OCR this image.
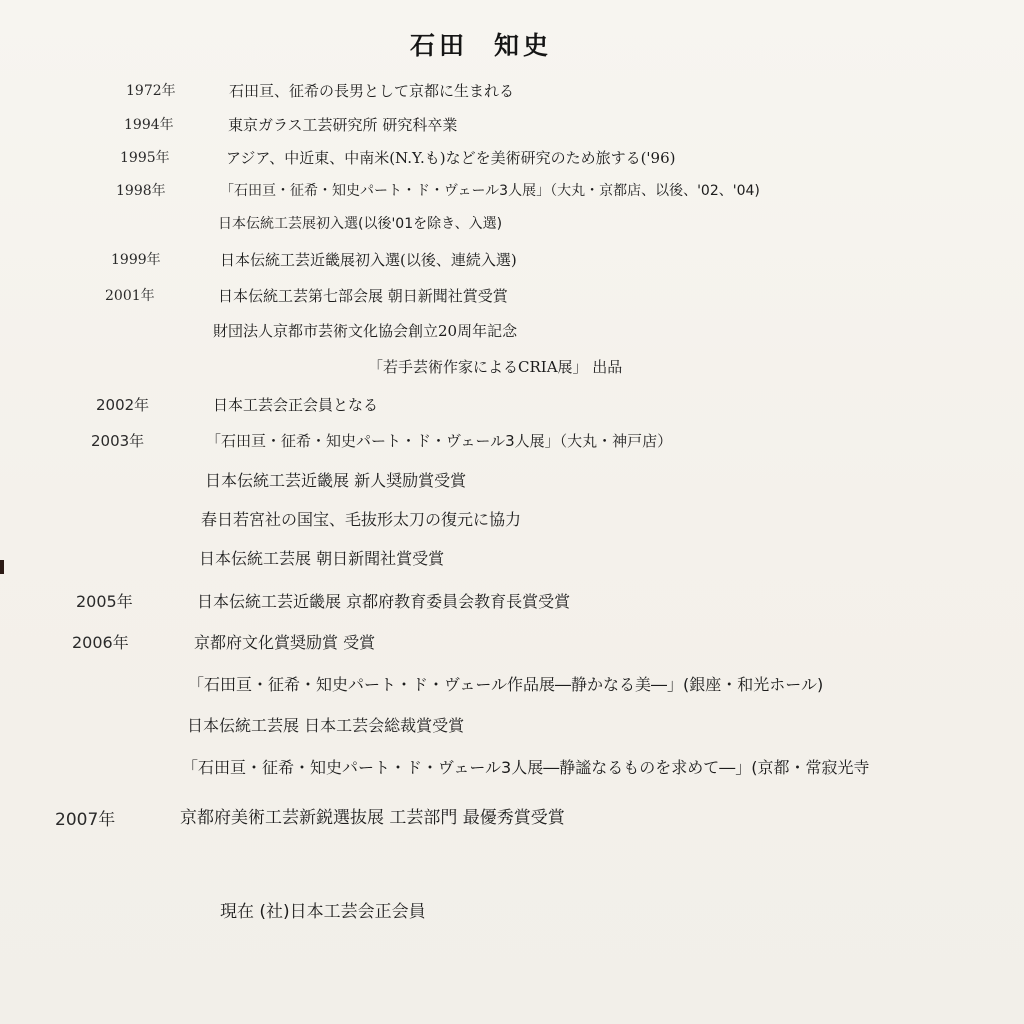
石田 知史
1972年	石田亘、征希の長男として京都に生まれる
1994年	東京ガラス工芸研究所 研究科卒業
1995年	アジア、中近東、中南米(N.Y.も)などを美術研究のため旅する('96)
1998年	「石田亘・征希・知史パート・ド・ヴェール3人展」（大丸・京都店、以後、'02、'04)
日本伝統工芸展初入選(以後'01を除き、入選)
1999年	日本伝統工芸近畿展初入選(以後、連続入選)
2001年	日本伝統工芸第七部会展 朝日新聞社賞受賞
財団法人京都市芸術文化協会創立20周年記念
「若手芸術作家によるCRIA展」 出品
2002年	日本工芸会正会員となる
2003年	「石田亘・征希・知史パート・ド・ヴェール3人展」（大丸・神戸店）
日本伝統工芸近畿展 新人奨励賞受賞
春日若宮社の国宝、毛抜形太刀の復元に協力
日本伝統工芸展 朝日新聞社賞受賞
2005年	日本伝統工芸近畿展 京都府教育委員会教育長賞受賞
2006年	京都府文化賞奨励賞 受賞
「石田亘・征希・知史パート・ド・ヴェール作品展―静かなる美―」(銀座・和光ホール)
日本伝統工芸展 日本工芸会総裁賞受賞
「石田亘・征希・知史パート・ド・ヴェール3人展―静謐なるものを求めて―」(京都・常寂光寺
2007年	京都府美術工芸新鋭選抜展 工芸部門 最優秀賞受賞
現在 (社)日本工芸会正会員
